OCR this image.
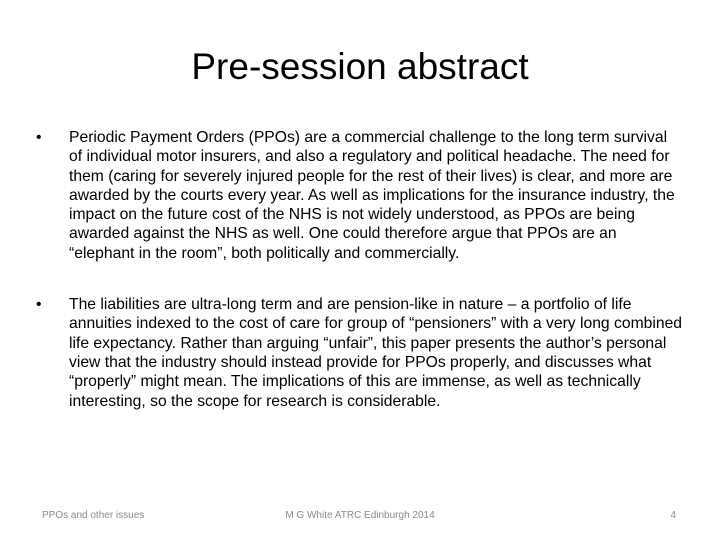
Pre-session abstract
•	Periodic Payment Orders (PPOs) are a commercial challenge to the long term survival of individual motor insurers, and also a regulatory and political headache. The need for them (caring for severely injured people for the rest of their lives) is clear, and more are awarded by the courts every year. As well as implications for the insurance industry, the impact on the future cost of the NHS is not widely understood, as PPOs are being awarded against the NHS as well. One could therefore argue that PPOs are an “elephant in the room”, both politically and commercially.
•	The liabilities are ultra-long term and are pension-like in nature – a portfolio of life annuities indexed to the cost of care for group of “pensioners” with a very long combined life expectancy. Rather than arguing “unfair”, this paper presents the author’s personal view that the industry should instead provide for PPOs properly, and discusses what “properly” might mean. The implications of this are immense, as well as technically interesting, so the scope for research is considerable.
PPOs and other issues	M G White ATRC Edinburgh 2014	4
